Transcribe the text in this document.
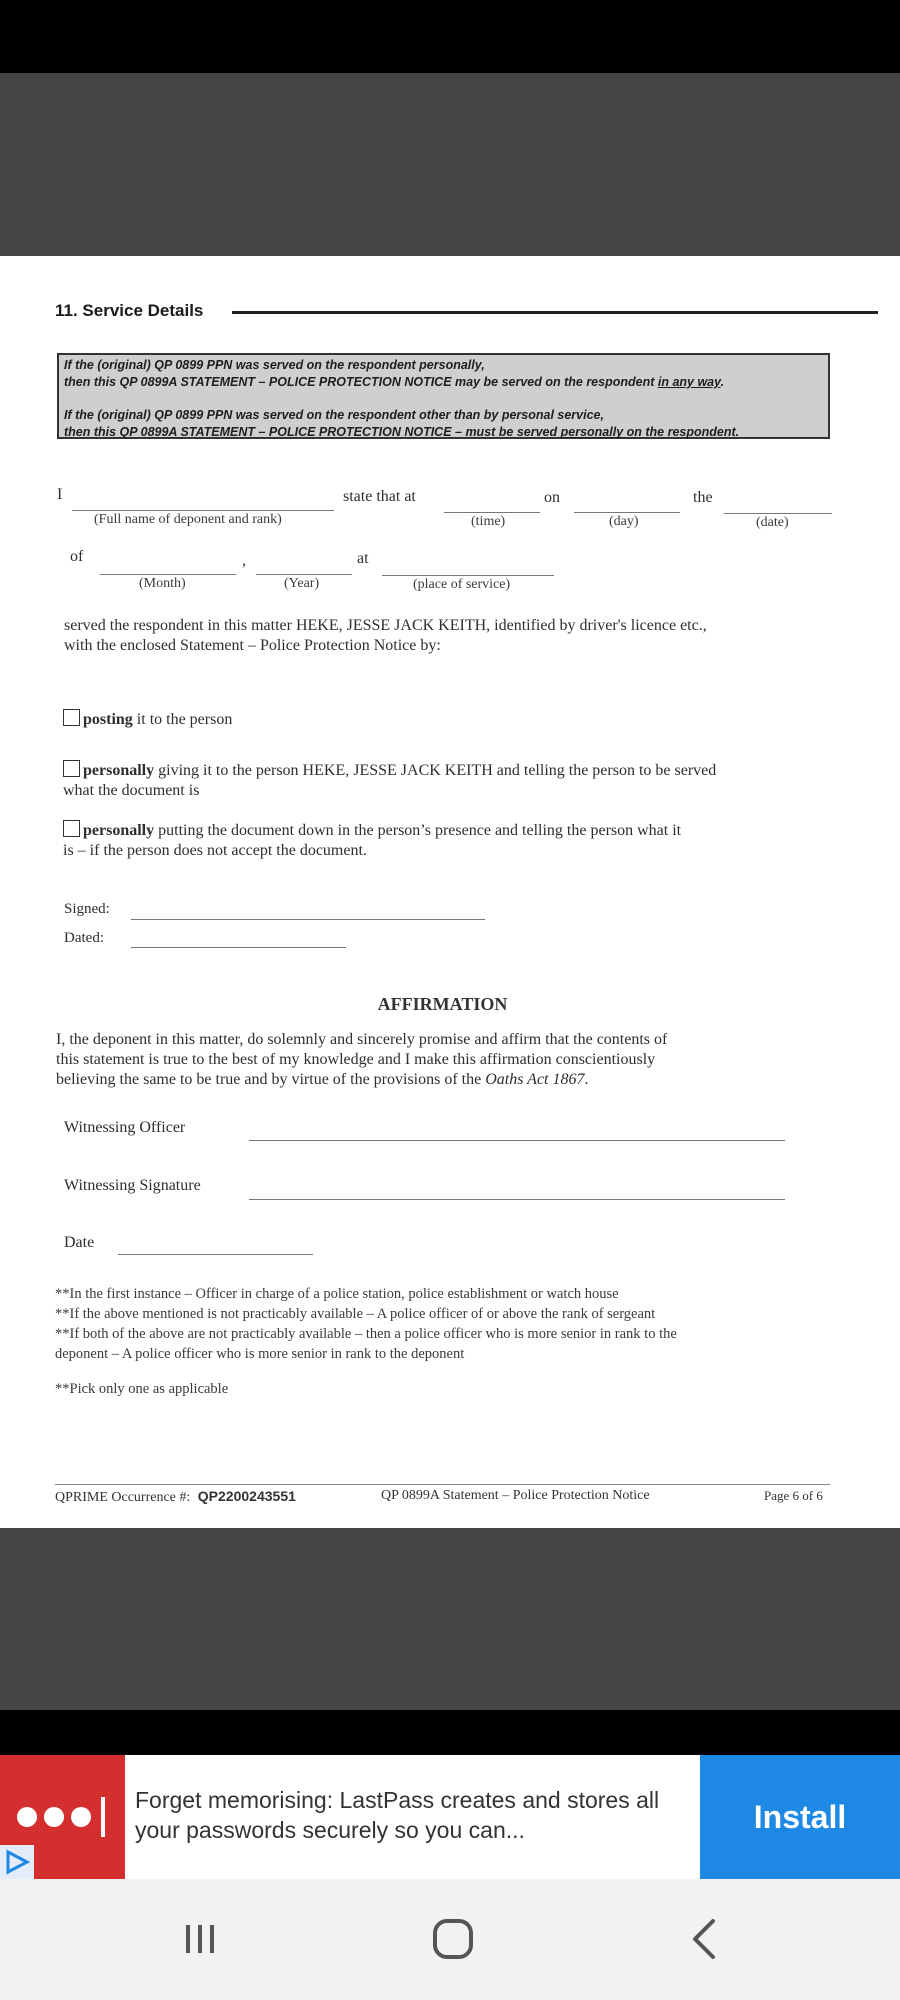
11. Service Details

If the (original) QP 0899 PPN was served on the respondent personally,
then this QP 0899A STATEMENT – POLICE PROTECTION NOTICE may be served on the respondent in any way.

If the (original) QP 0899 PPN was served on the respondent other than by personal service,
then this QP 0899A STATEMENT – POLICE PROTECTION NOTICE – must be served personally on the respondent.

I
(Full name of deponent and rank)
state that at
(time)
on
(day)
the
(date)
of
(Month)
,
(Year)
at
(place of service)
served the respondent in this matter HEKE, JESSE JACK KEITH, identified by driver's licence etc.,
with the enclosed Statement – Police Protection Notice by:
posting it to the person
personally giving it to the person HEKE, JESSE JACK KEITH and telling the person to be served
what the document is
personally putting the document down in the person’s presence and telling the person what it
is – if the person does not accept the document.
Signed:
Dated:
AFFIRMATION
I, the deponent in this matter, do solemnly and sincerely promise and affirm that the contents of
this statement is true to the best of my knowledge and I make this affirmation conscientiously
believing the same to be true and by virtue of the provisions of the Oaths Act 1867.
Witnessing Officer
Witnessing Signature
Date
**In the first instance – Officer in charge of a police station, police establishment or watch house
**If the above mentioned is not practicably available – A police officer of or above the rank of sergeant
**If both of the above are not practicably available – then a police officer who is more senior in rank to the
deponent – A police officer who is more senior in rank to the deponent
**Pick only one as applicable
QPRIME Occurrence #: QP2200243551	QP 0899A Statement – Police Protection Notice	Page 6 of 6
Forget memorising: LastPass creates and stores all your passwords securely so you can...	Install
